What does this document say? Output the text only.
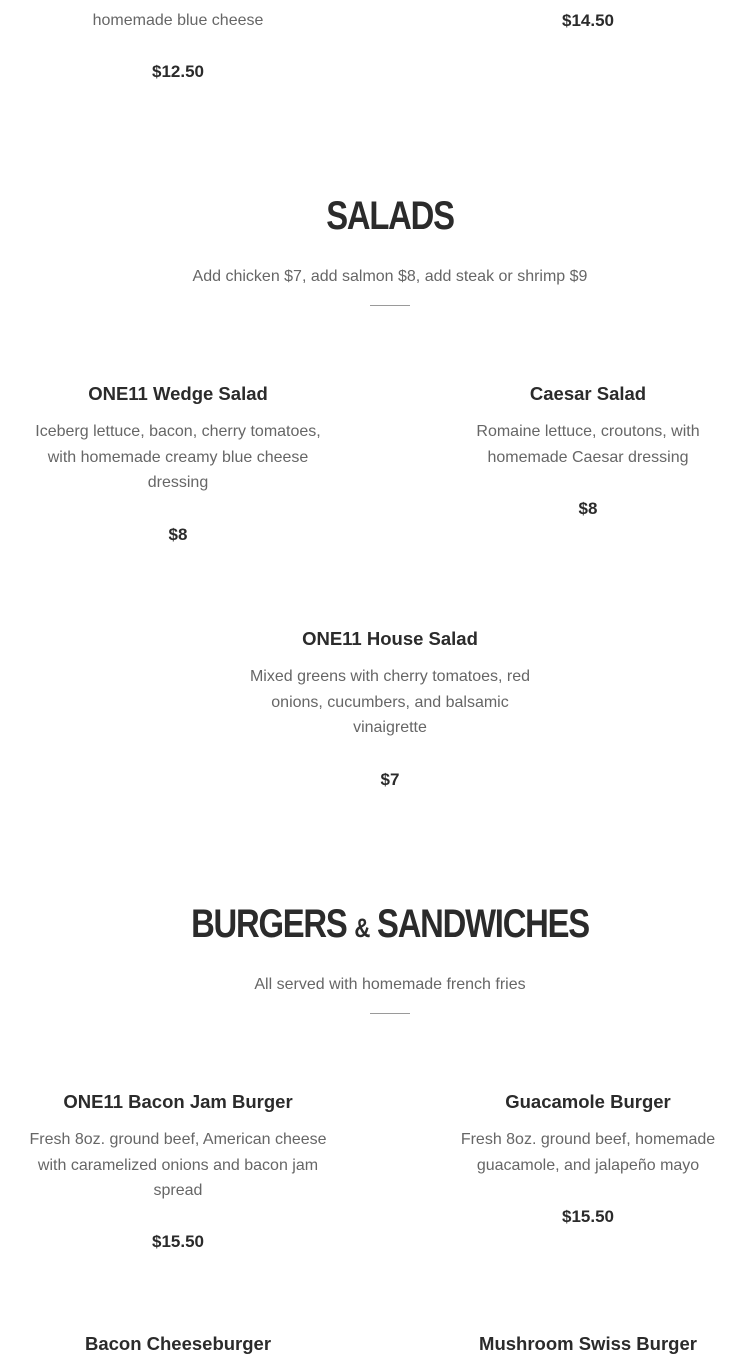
homemade blue cheese
$12.50
$14.50
SALADS
Add chicken $7, add salmon $8, add steak or shrimp $9
ONE11 Wedge Salad
Iceberg lettuce, bacon, cherry tomatoes,
with homemade creamy blue cheese
dressing
$8
Caesar Salad
Romaine lettuce, croutons, with
homemade Caesar dressing
$8
ONE11 House Salad
Mixed greens with cherry tomatoes, red
onions, cucumbers, and balsamic
vinaigrette
$7
BURGERS & SANDWICHES
All served with homemade french fries
ONE11 Bacon Jam Burger
Fresh 8oz. ground beef, American cheese
with caramelized onions and bacon jam
spread
$15.50
Guacamole Burger
Fresh 8oz. ground beef, homemade
guacamole, and jalapeño mayo
$15.50
Bacon Cheeseburger	Mushroom Swiss Burger
